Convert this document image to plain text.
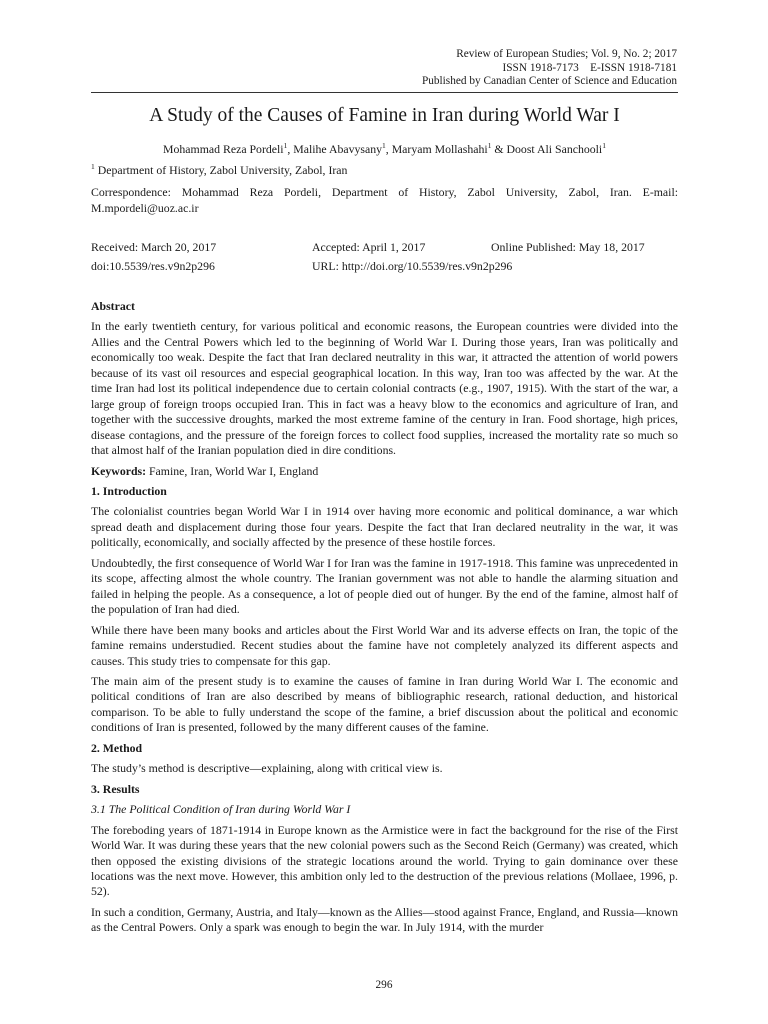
Review of European Studies; Vol. 9, No. 2; 2017
ISSN 1918-7173    E-ISSN 1918-7181
Published by Canadian Center of Science and Education
A Study of the Causes of Famine in Iran during World War I
Mohammad Reza Pordeli$^1$, Malihe Abavysany$^1$, Maryam Mollashahi$^1$ & Doost Ali Sanchooli$^1$
$^1$ Department of History, Zabol University, Zabol, Iran
Correspondence: Mohammad Reza Pordeli, Department of History, Zabol University, Zabol, Iran. E-mail: M.mpordeli@uoz.ac.ir
Received: March 20, 2017	Accepted: April 1, 2017	Online Published: May 18, 2017
doi:10.5539/res.v9n2p296	URL: http://doi.org/10.5539/res.v9n2p296
Abstract

In the early twentieth century, for various political and economic reasons, the European countries were divided into the Allies and the Central Powers which led to the beginning of World War I. During those years, Iran was politically and economically too weak. Despite the fact that Iran declared neutrality in this war, it attracted the attention of world powers because of its vast oil resources and especial geographical location. In this way, Iran too was affected by the war. At the time Iran had lost its political independence due to certain colonial contracts (e.g., 1907, 1915). With the start of the war, a large group of foreign troops occupied Iran. This in fact was a heavy blow to the economics and agriculture of Iran, and together with the successive droughts, marked the most extreme famine of the century in Iran. Food shortage, high prices, disease contagions, and the pressure of the foreign forces to collect food supplies, increased the mortality rate so much so that almost half of the Iranian population died in dire conditions.

Keywords: Famine, Iran, World War I, England

1. Introduction

The colonialist countries began World War I in 1914 over having more economic and political dominance, a war which spread death and displacement during those four years. Despite the fact that Iran declared neutrality in the war, it was politically, economically, and socially affected by the presence of these hostile forces.

Undoubtedly, the first consequence of World War I for Iran was the famine in 1917-1918. This famine was unprecedented in its scope, affecting almost the whole country. The Iranian government was not able to handle the alarming situation and failed in helping the people. As a consequence, a lot of people died out of hunger. By the end of the famine, almost half of the population of Iran had died.

While there have been many books and articles about the First World War and its adverse effects on Iran, the topic of the famine remains understudied. Recent studies about the famine have not completely analyzed its different aspects and causes. This study tries to compensate for this gap.

The main aim of the present study is to examine the causes of famine in Iran during World War I. The economic and political conditions of Iran are also described by means of bibliographic research, rational deduction, and historical comparison. To be able to fully understand the scope of the famine, a brief discussion about the political and economic conditions of Iran is presented, followed by the many different causes of the famine.

2. Method

The study’s method is descriptive—explaining, along with critical view is.

3. Results
3.1 The Political Condition of Iran during World War I

The foreboding years of 1871-1914 in Europe known as the Armistice were in fact the background for the rise of the First World War. It was during these years that the new colonial powers such as the Second Reich (Germany) was created, which then opposed the existing divisions of the strategic locations around the world. Trying to gain dominance over these locations was the next move. However, this ambition only led to the destruction of the previous relations (Mollaee, 1996, p. 52).

In such a condition, Germany, Austria, and Italy—known as the Allies—stood against France, England, and Russia—known as the Central Powers. Only a spark was enough to begin the war. In July 1914, with the murder

296
